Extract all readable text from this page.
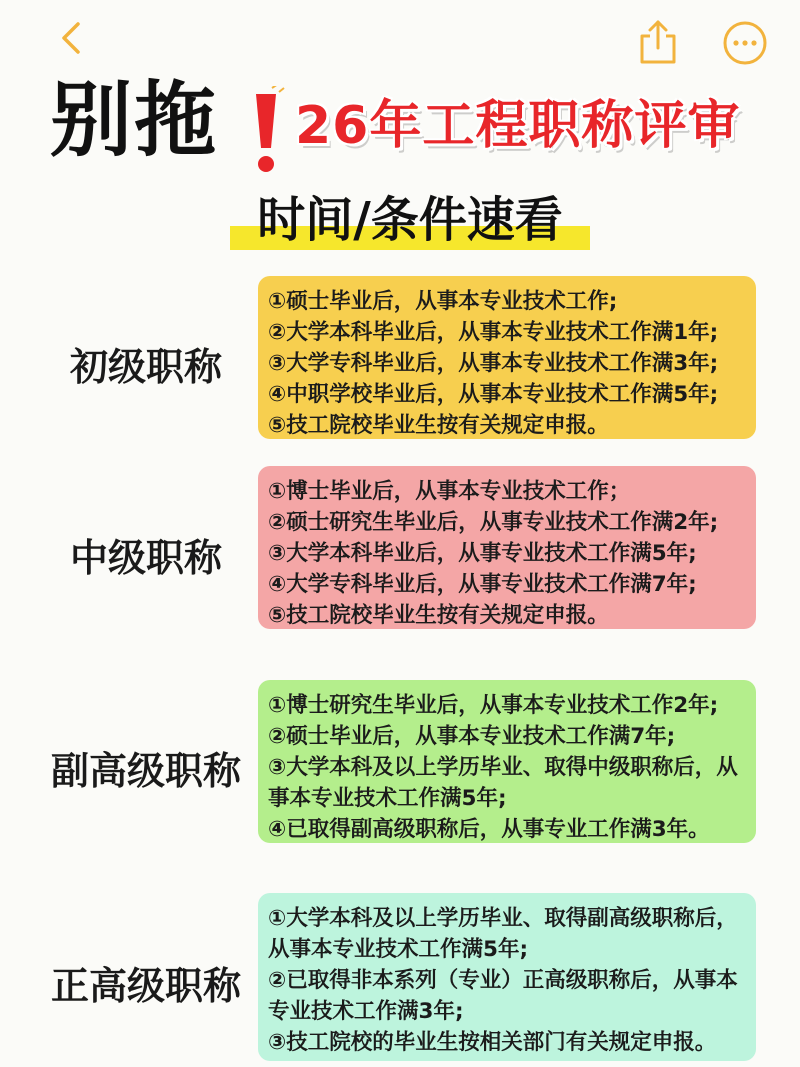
别拖 26年工程职称评审
时间/条件速看
初级职称
①硕士毕业后，从事本专业技术工作;
②大学本科毕业后，从事本专业技术工作满1年;
③大学专科毕业后，从事本专业技术工作满3年;
④中职学校毕业后，从事本专业技术工作满5年;
⑤技工院校毕业生按有关规定申报。
中级职称
①博士毕业后，从事本专业技术工作；
②硕士研究生毕业后，从事专业技术工作满2年;
③大学本科毕业后，从事专业技术工作满5年;
④大学专科毕业后，从事专业技术工作满7年;
⑤技工院校毕业生按有关规定申报。
副高级职称
①博士研究生毕业后，从事本专业技术工作2年;
②硕士毕业后，从事本专业技术工作满7年;
③大学本科及以上学历毕业、取得中级职称后，从事本专业技术工作满5年;
④已取得副高级职称后，从事专业工作满3年。
正高级职称
①大学本科及以上学历毕业、取得副高级职称后，从事本专业技术工作满5年;
②已取得非本系列（专业）正高级职称后，从事本专业技术工作满3年;
③技工院校的毕业生按相关部门有关规定申报。
